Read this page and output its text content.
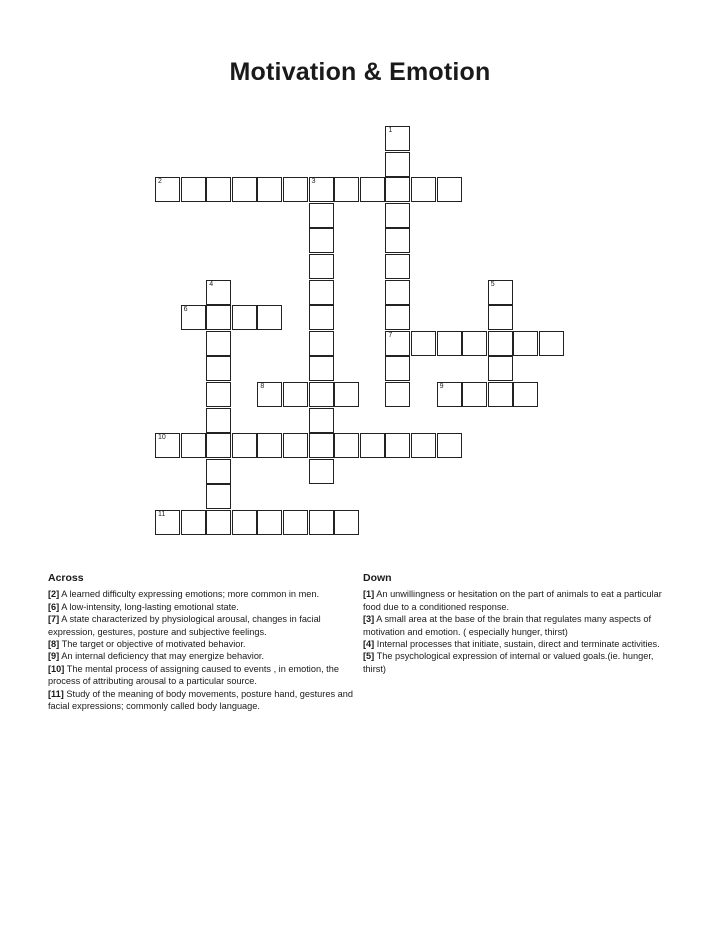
Motivation & Emotion
1
7
2	3
4	5
6
8	9
10
11
Across

[2] A learned difficulty expressing emotions; more common in men.

[6] A low-intensity, long-lasting emotional state.

[7] A state characterized by physiological arousal, changes in facial expression, gestures, posture and subjective feelings.

[8] The target or objective of motivated behavior.

[9] An internal deficiency that may energize behavior.

[10] The mental process of assigning caused to events , in emotion, the process of attributing arousal to a particular source.

[11] Study of the meaning of body movements, posture hand, gestures and facial expressions; commonly called body language.

Down

[1] An unwillingness or hesitation on the part of animals to eat a particular food due to a conditioned response.

[3] A small area at the base of the brain that regulates many aspects of motivation and emotion. ( especially hunger, thirst)

[4] Internal processes that initiate, sustain, direct and terminate activities.

[5] The psychological expression of internal or valued goals.(ie. hunger, thirst)
